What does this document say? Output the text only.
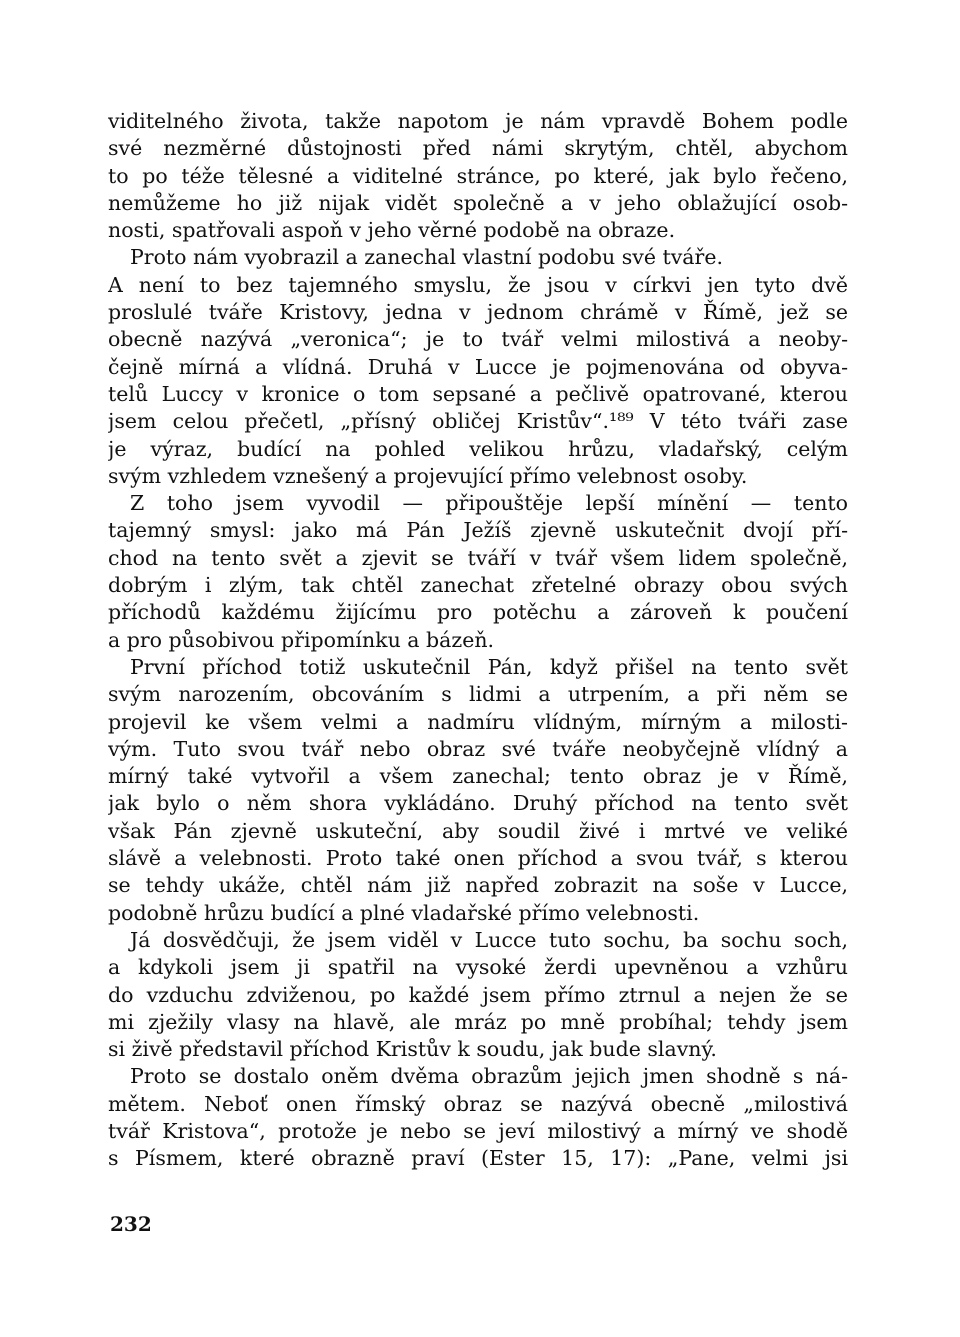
viditelného života, takže napotom je nám vpravdě Bohem podle
své nezměrné důstojnosti před námi skrytým, chtěl, abychom
to po téže tělesné a viditelné stránce, po které, jak bylo řečeno,
nemůžeme ho již nijak vidět společně a v jeho oblažující osob-
nosti, spatřovali aspoň v jeho věrné podobě na obraze.
Proto nám vyobrazil a zanechal vlastní podobu své tváře.
A není to bez tajemného smyslu, že jsou v církvi jen tyto dvě
proslulé tváře Kristovy, jedna v jednom chrámě v Římě, jež se
obecně nazývá „veronica“; je to tvář velmi milostivá a neoby-
čejně mírná a vlídná. Druhá v Lucce je pojmenována od obyva-
telů Luccy v kronice o tom sepsané a pečlivě opatrované, kterou
jsem celou přečetl, „přísný obličej Kristův“.¹⁸⁹ V této tváři zase
je výraz, budící na pohled velikou hrůzu, vladařský, celým
svým vzhledem vznešený a projevující přímo velebnost osoby.
Z toho jsem vyvodil — připouštěje lepší mínění — tento
tajemný smysl: jako má Pán Ježíš zjevně uskutečnit dvojí pří-
chod na tento svět a zjevit se tváří v tvář všem lidem společně,
dobrým i zlým, tak chtěl zanechat zřetelné obrazy obou svých
příchodů každému žijícímu pro potěchu a zároveň k poučení
a pro působivou připomínku a bázeň.
První příchod totiž uskutečnil Pán, když přišel na tento svět
svým narozením, obcováním s lidmi a utrpením, a při něm se
projevil ke všem velmi a nadmíru vlídným, mírným a milosti-
vým. Tuto svou tvář nebo obraz své tváře neobyčejně vlídný a
mírný také vytvořil a všem zanechal; tento obraz je v Římě,
jak bylo o něm shora vykládáno. Druhý příchod na tento svět
však Pán zjevně uskuteční, aby soudil živé i mrtvé ve veliké
slávě a velebnosti. Proto také onen příchod a svou tvář, s kterou
se tehdy ukáže, chtěl nám již napřed zobrazit na soše v Lucce,
podobně hrůzu budící a plné vladařské přímo velebnosti.
Já dosvědčuji, že jsem viděl v Lucce tuto sochu, ba sochu soch,
a kdykoli jsem ji spatřil na vysoké žerdi upevněnou a vzhůru
do vzduchu zdviženou, po každé jsem přímo ztrnul a nejen že se
mi zježily vlasy na hlavě, ale mráz po mně probíhal; tehdy jsem
si živě představil příchod Kristův k soudu, jak bude slavný.
Proto se dostalo oněm dvěma obrazům jejich jmen shodně s ná-
mětem. Neboť onen římský obraz se nazývá obecně „milostivá
tvář Kristova“, protože je nebo se jeví milostivý a mírný ve shodě
s Písmem, které obrazně praví (Ester 15, 17): „Pane, velmi jsi
232
